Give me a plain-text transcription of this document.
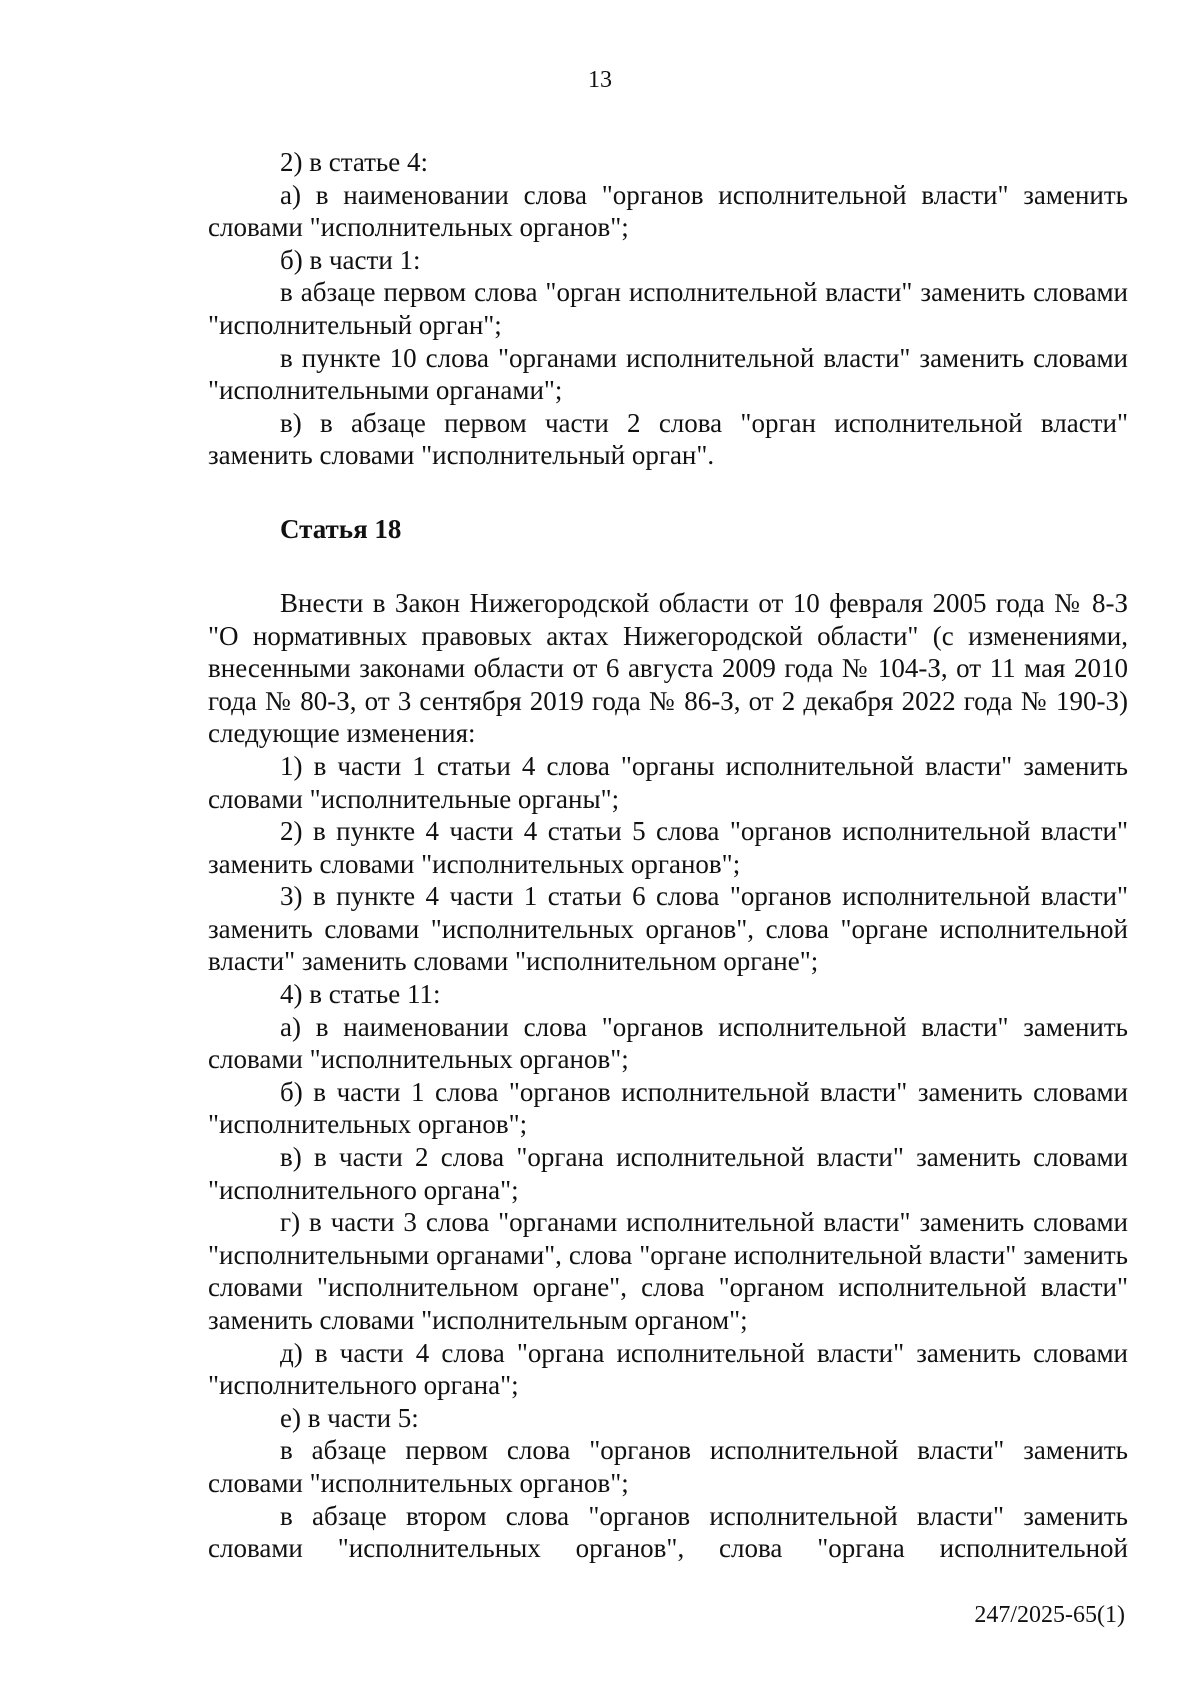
13

2) в статье 4:

а) в наименовании слова "органов исполнительной власти" заменить словами "исполнительных органов";

б) в части 1:

в абзаце первом слова "орган исполнительной власти" заменить словами "исполнительный орган";

в пункте 10 слова "органами исполнительной власти" заменить словами "исполнительными органами";

в) в абзаце первом части 2 слова "орган исполнительной власти" заменить словами "исполнительный орган".

Статья 18

Внести в Закон Нижегородской области от 10 февраля 2005 года № 8-З "О нормативных правовых актах Нижегородской области" (с изменениями, внесенными законами области от 6 августа 2009 года № 104-З, от 11 мая 2010 года № 80-З, от 3 сентября 2019 года № 86-З, от 2 декабря 2022 года № 190-З) следующие изменения:

1) в части 1 статьи 4 слова "органы исполнительной власти" заменить словами "исполнительные органы";

2) в пункте 4 части 4 статьи 5 слова "органов исполнительной власти" заменить словами "исполнительных органов";

3) в пункте 4 части 1 статьи 6 слова "органов исполнительной власти" заменить словами "исполнительных органов", слова "органе исполнительной власти" заменить словами "исполнительном органе";

4) в статье 11:

а) в наименовании слова "органов исполнительной власти" заменить словами "исполнительных органов";

б) в части 1 слова "органов исполнительной власти" заменить словами "исполнительных органов";

в) в части 2 слова "органа исполнительной власти" заменить словами "исполнительного органа";

г) в части 3 слова "органами исполнительной власти" заменить словами "исполнительными органами", слова "органе исполнительной власти" заменить словами "исполнительном органе", слова "органом исполнительной власти" заменить словами "исполнительным органом";

д) в части 4 слова "органа исполнительной власти" заменить словами "исполнительного органа";

е) в части 5:

в абзаце первом слова "органов исполнительной власти" заменить словами "исполнительных органов";

в абзаце втором слова "органов исполнительной власти" заменить словами "исполнительных органов", слова "органа исполнительной

247/2025-65(1)
